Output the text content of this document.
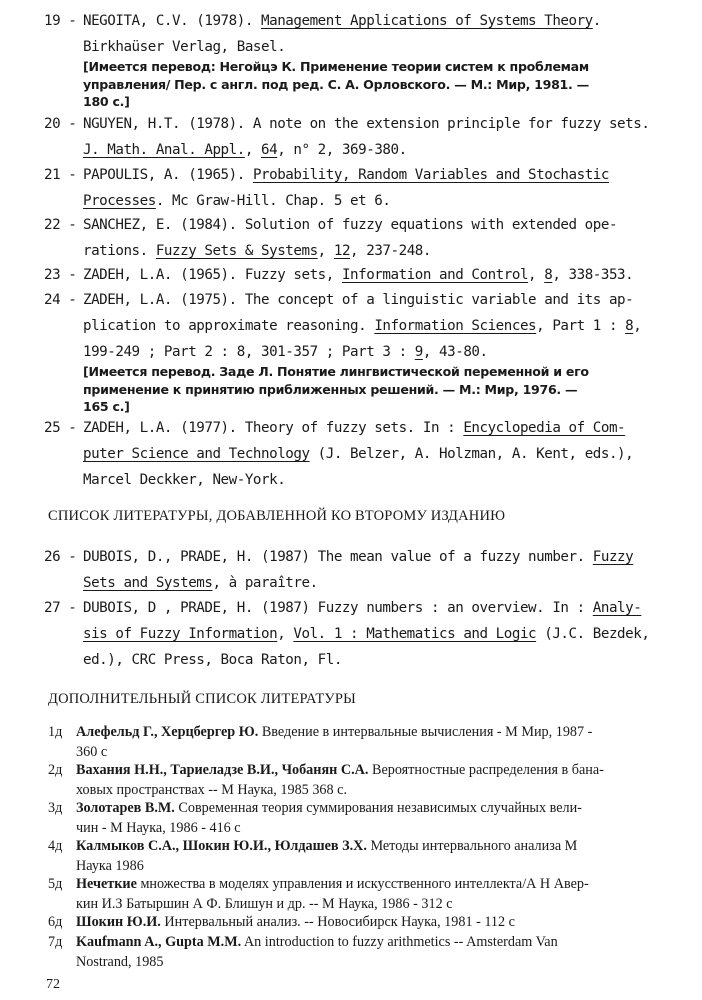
19 - NEGOITA, C.V. (1978). Management Applications of Systems Theory.
Birkhaüser Verlag, Basel.
[Имеется перевод: Негойцэ К. Применение теории систем к проблемам
управления/ Пер. с англ. под ред. С. А. Орловского. — М.: Мир, 1981. —
180 с.]
20 - NGUYEN, H.T. (1978). A note on the extension principle for fuzzy sets.
J. Math. Anal. Appl., 64, n° 2, 369-380.
21 - PAPOULIS, A. (1965). Probability, Random Variables and Stochastic
Processes. Mc Graw-Hill. Chap. 5 et 6.
22 - SANCHEZ, E. (1984). Solution of fuzzy equations with extended ope-
rations. Fuzzy Sets & Systems, 12, 237-248.
23 - ZADEH, L.A. (1965). Fuzzy sets, Information and Control, 8, 338-353.
24 - ZADEH, L.A. (1975). The concept of a linguistic variable and its ap-
plication to approximate reasoning. Information Sciences, Part 1 : 8,
199-249 ; Part 2 : 8, 301-357 ; Part 3 : 9, 43-80.
[Имеется перевод. Заде Л. Понятие лингвистической переменной и его
применение к принятию приближенных решений. — М.: Мир, 1976. —
165 с.]
25 - ZADEH, L.A. (1977). Theory of fuzzy sets. In : Encyclopedia of Com-
puter Science and Technology (J. Belzer, A. Holzman, A. Kent, eds.),
Marcel Deckker, New-York.
СПИСОК ЛИТЕРАТУРЫ, ДОБАВЛЕННОЙ КО ВТОРОМУ ИЗДАНИЮ
26 - DUBOIS, D., PRADE, H. (1987) The mean value of a fuzzy number. Fuzzy
Sets and Systems, à paraître.
27 - DUBOIS, D , PRADE, H. (1987) Fuzzy numbers : an overview. In : Analy-
sis of Fuzzy Information, Vol. 1 : Mathematics and Logic (J.C. Bezdek,
ed.), CRC Press, Boca Raton, Fl.
ДОПОЛНИТЕЛЬНЫЙ СПИСОК ЛИТЕРАТУРЫ
1д Алефельд Г., Херцбергер Ю. Введение в интервальные вычисления - М Мир, 1987 -
360 с
2д Вахания Н.Н., Тариеладзе В.И., Чобанян С.А. Вероятностные распределения в бана-
ховых пространствах -- М Наука, 1985 368 с.
3д Золотарев В.М. Современная теория суммирования независимых случайных вели-
чин - М Наука, 1986 - 416 с
4д Калмыков С.А., Шокин Ю.И., Юлдашев З.Х. Методы интервального анализа М
Наука 1986
5д Нечеткие множества в моделях управления и искусственного интеллекта/А Н Авер-
кин И.З Батыршин А Ф. Блишун и др. -- М Наука, 1986 - 312 с
6д Шокин Ю.И. Интервальный анализ. -- Новосибирск Наука, 1981 - 112 с
7д Kaufmann A., Gupta M.M. An introduction to fuzzy arithmetics -- Amsterdam Van
Nostrand, 1985
72
